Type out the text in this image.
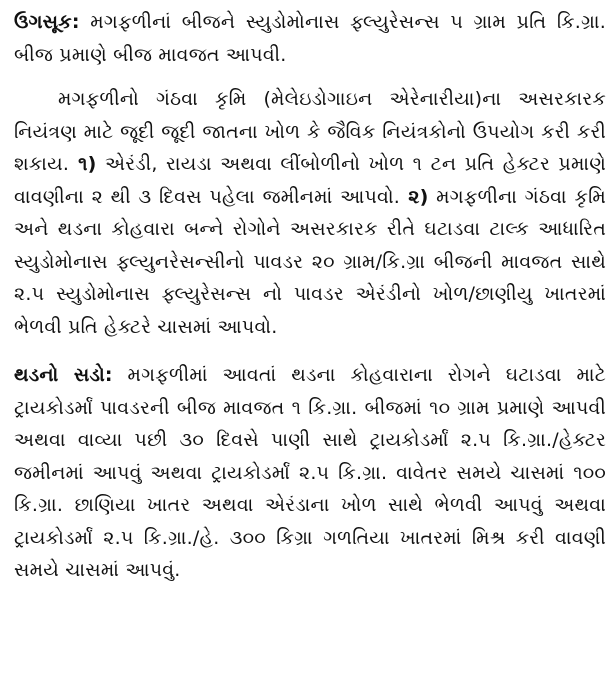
ઉગસૂક: મગફળીનાં બીજને સ્યુડોમોનાસ ફ્લ્યુરેસન્સ ૫ ગ્રામ પ્રતિ કિ.ગ્રા. બીજ પ્રમાણે બીજ માવજત આપવી.

મગફળીનો ગંઠવા કૃમિ (મેલેઇડોગાઇન એરેનારીયા)ના અસરકારક નિયંત્રણ માટે જૂદી જૂદી જાતના ખોળ કે જૈવિક નિયંત્રકોનો ઉપયોગ કરી કરી શકાય. ૧) એરંડી, રાયડા અથવા લીંબોળીનો ખોળ ૧ ટન પ્રતિ હેક્ટર પ્રમાણે વાવણીના ૨ થી ૩ દિવસ પહેલા જમીનમાં આપવો. ૨) મગફળીના ગંઠવા કૃમિ અને થડના કોહવારા બન્ને રોગોને અસરકારક રીતે ઘટાડવા ટાલ્ક આધારિત સ્યુડોમોનાસ ફ્લ્યુનરેસન્સીનો પાવડર ૨૦ ગ્રામ/કિ.ગ્રા બીજની માવજત સાથે ૨.૫ સ્યુડોમોનાસ ફ્લ્યુરેસન્સ નો પાવડર એરંડીનો ખોળ/છાણીયુ ખાતરમાં ભેળવી પ્રતિ હેક્ટરે ચાસમાં આપવો.

થડનો સડો: મગફળીમાં આવતાં થડના કોહવારાના રોગને ઘટાડવા માટે ટ્રાયકોડર્માં પાવડરની બીજ માવજત ૧ કિ.ગ્રા. બીજમાં ૧૦ ગ્રામ પ્રમાણે આપવી અથવા વાવ્યા પછી ૩૦ દિવસે પાણી સાથે ટ્રાયકોડર્માં ૨.૫ કિ.ગ્રા./હેક્ટર જમીનમાં આપવું અથવા ટ્રાયકોડર્માં ૨.૫ કિ.ગ્રા. વાવેતર સમયે ચાસમાં ૧૦૦ કિ.ગ્રા. છાણિયા ખાતર અથવા એરંડાના ખોળ સાથે ભેળવી આપવું અથવા ટ્રાયકોડર્માં ૨.૫ કિ.ગ્રા./હે. ૩૦૦ કિગ્રા ગળતિયા ખાતરમાં મિશ્ર કરી વાવણી સમયે ચાસમાં આપવું.
